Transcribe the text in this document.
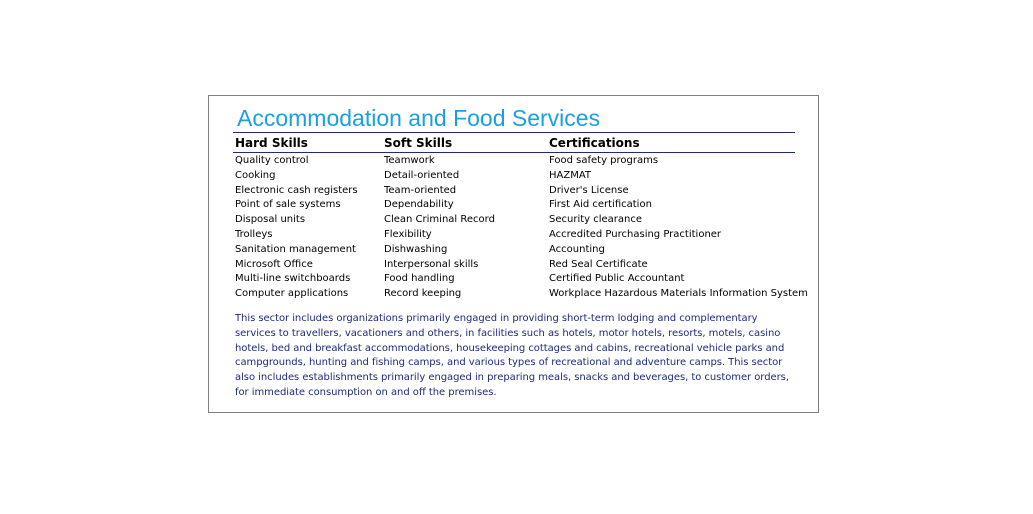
Accommodation and Food Services
Hard Skills	Soft Skills	Certifications
Quality control	Teamwork	Food safety programs
Cooking	Detail-oriented	HAZMAT
Electronic cash registers	Team-oriented	Driver's License
Point of sale systems	Dependability	First Aid certification
Disposal units	Clean Criminal Record	Security clearance
Trolleys	Flexibility	Accredited Purchasing Practitioner
Sanitation management	Dishwashing	Accounting
Microsoft Office	Interpersonal skills	Red Seal Certificate
Multi-line switchboards	Food handling	Certified Public Accountant
Computer applications	Record keeping	Workplace Hazardous Materials Information System
This sector includes organizations primarily engaged in providing short-term lodging and complementary services to travellers, vacationers and others, in facilities such as hotels, motor hotels, resorts, motels, casino hotels, bed and breakfast accommodations, housekeeping cottages and cabins, recreational vehicle parks and campgrounds, hunting and fishing camps, and various types of recreational and adventure camps. This sector also includes establishments primarily engaged in preparing meals, snacks and beverages, to customer orders, for immediate consumption on and off the premises.
